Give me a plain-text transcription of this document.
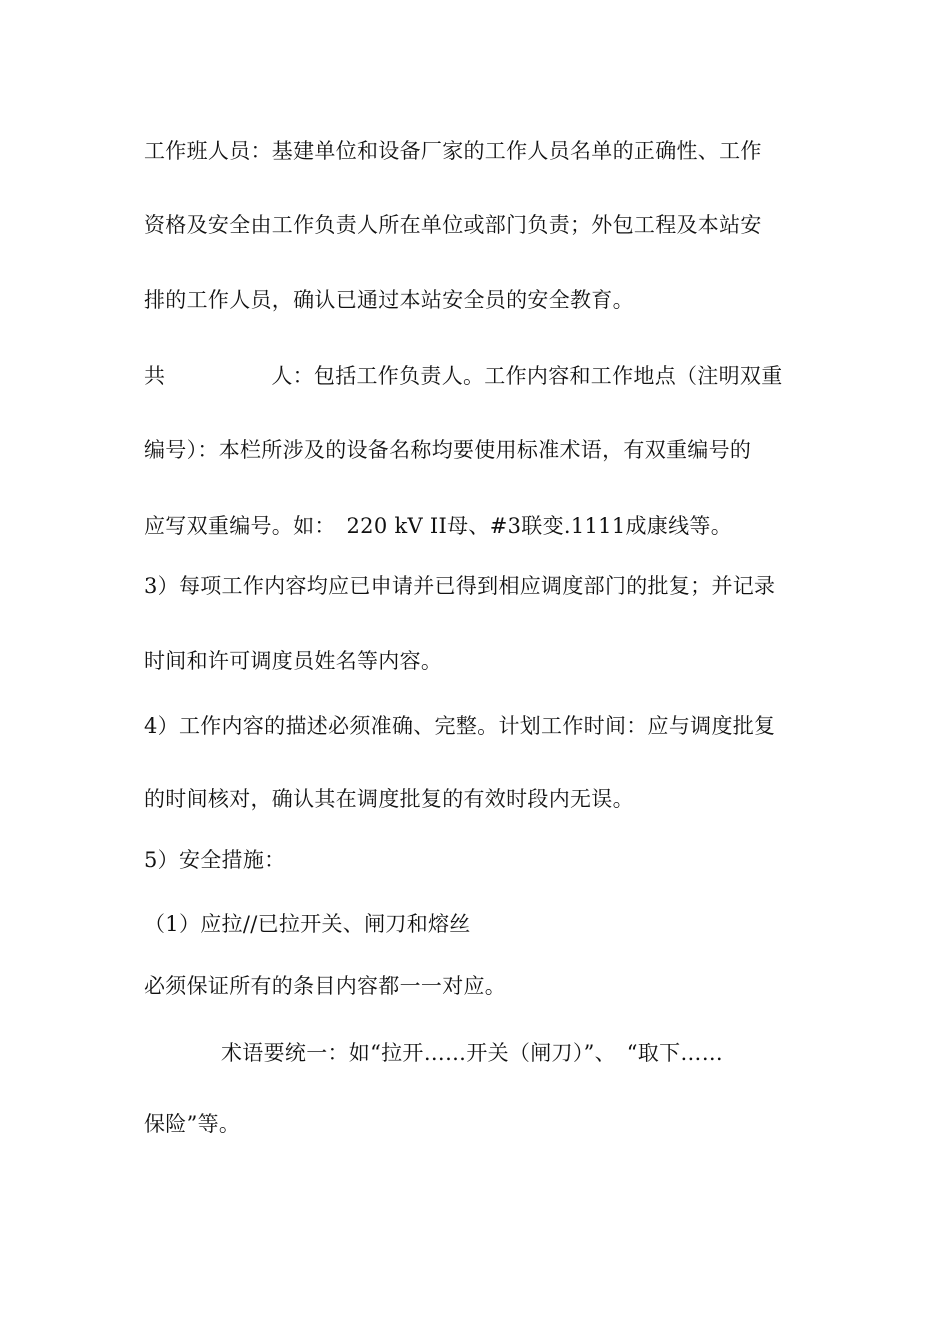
工作班人员：基建单位和设备厂家的工作人员名单的正确性、工作
资格及安全由工作负责人所在单位或部门负责；外包工程及本站安
排的工作人员，确认已通过本站安全员的安全教育。
共	人：包括工作负责人。工作内容和工作地点（注明双重
编号）：本栏所涉及的设备名称均要使用标准术语，有双重编号的
应写双重编号。如：　220 kV II母、#3联变.1111成康线等。
3）每项工作内容均应已申请并已得到相应调度部门的批复；并记录
时间和许可调度员姓名等内容。
4）工作内容的描述必须准确、完整。计划工作时间：应与调度批复
的时间核对，确认其在调度批复的有效时段内无误。
5）安全措施：
（1）应拉//已拉开关、闸刀和熔丝
必须保证所有的条目内容都一一对应。
术语要统一：如“拉开……开关（闸刀）”、　“取下……
保险”等。
